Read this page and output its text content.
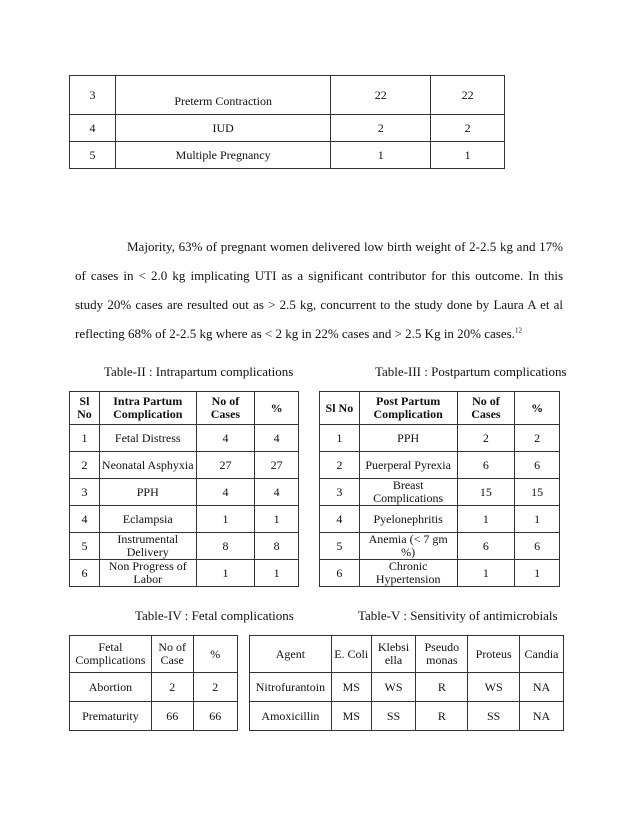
3	Preterm Contraction	22	22
4	IUD	2	2
5	Multiple Pregnancy	1	1

Majority, 63% of pregnant women delivered low birth weight of 2-2.5 kg and 17% of cases in < 2.0 kg implicating UTI as a significant contributor for this outcome. In this study 20% cases are resulted out as > 2.5 kg, concurrent to the study done by Laura A et al reflecting 68% of 2-2.5 kg where as < 2 kg in 22% cases and > 2.5 Kg in 20% cases.$^{12}$

Table-II : Intrapartum complications	Table-III : Postpartum complications
Sl No	Intra Partum Complication	No of Cases	%
1	Fetal Distress	4	4
2	Neonatal Asphyxia	27	27
3	PPH	4	4
4	Eclampsia	1	1
5	Instrumental Delivery	8	8
6	Non Progress of Labor	1	1
Sl No	Post Partum Complication	No of Cases	%
1	PPH	2	2
2	Puerperal Pyrexia	6	6
3	Breast Complications	15	15
4	Pyelonephritis	1	1
5	Anemia (< 7 gm %)	6	6
6	Chronic Hypertension	1	1
Table-IV : Fetal complications	Table-V : Sensitivity of antimicrobials
Fetal Complications	No of Case	%
Abortion	2	2
Prematurity	66	66
Agent	E. Coli	Klebsi ella	Pseudo monas	Proteus	Candia
Nitrofurantoin	MS	WS	R	WS	NA
Amoxicillin	MS	SS	R	SS	NA
